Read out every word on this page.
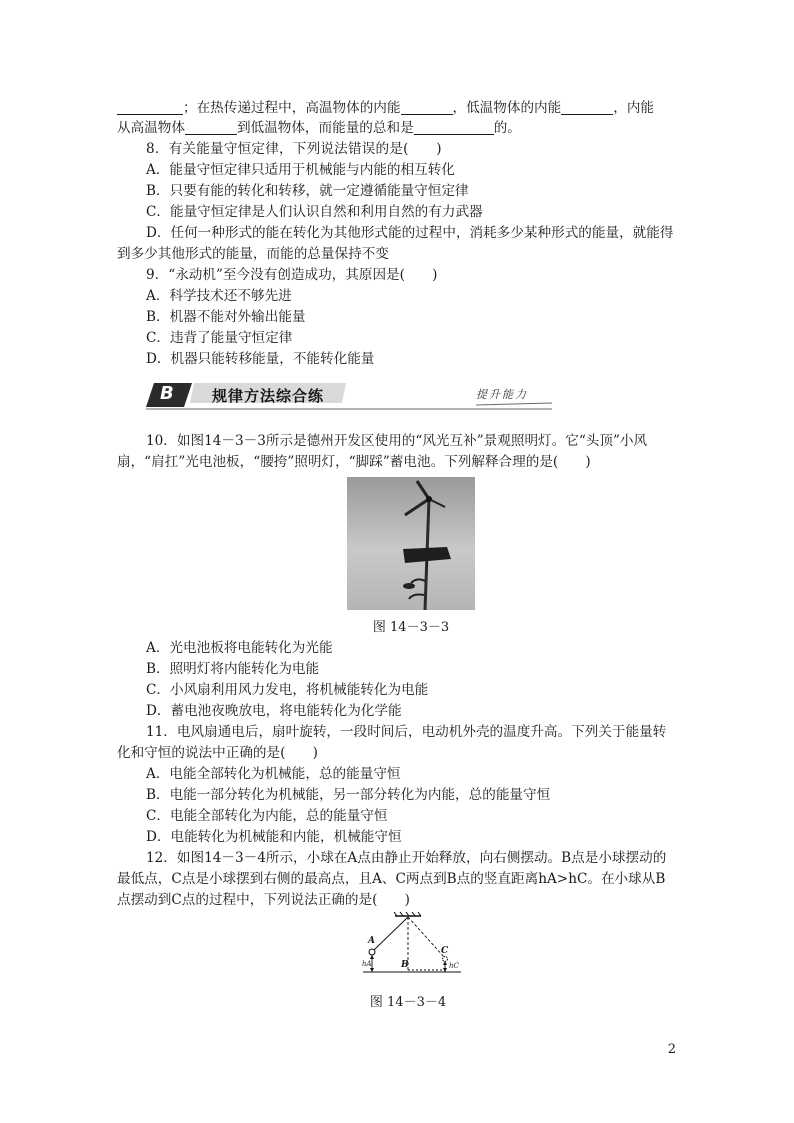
；在热传递过程中，高温物体的内能	，低温物体的内能	，内能
从高温物体	到低温物体，而能量的总和是	的。
8．有关能量守恒定律，下列说法错误的是(　　)
A．能量守恒定律只适用于机械能与内能的相互转化
B．只要有能的转化和转移，就一定遵循能量守恒定律
C．能量守恒定律是人们认识自然和利用自然的有力武器
D．任何一种形式的能在转化为其他形式能的过程中，消耗多少某种形式的能量，就能得
到多少其他形式的能量，而能的总量保持不变
9．“永动机”至今没有创造成功，其原因是(　　)
A．科学技术还不够先进
B．机器不能对外输出能量
C．违背了能量守恒定律
D．机器只能转移能量，不能转化能量
B	规律方法综合练	提升能力
10．如图14－3－3所示是德州开发区使用的“风光互补”景观照明灯。它“头顶”小风
扇，“肩扛”光电池板，“腰挎”照明灯，“脚踩”蓄电池。下列解释合理的是(　　)
图 14－3－3
A．光电池板将电能转化为光能
B．照明灯将内能转化为电能
C．小风扇利用风力发电，将机械能转化为电能
D．蓄电池夜晚放电，将电能转化为化学能
11．电风扇通电后，扇叶旋转，一段时间后，电动机外壳的温度升高。下列关于能量转
化和守恒的说法中正确的是(　　)
A．电能全部转化为机械能，总的能量守恒
B．电能一部分转化为机械能，另一部分转化为内能，总的能量守恒
C．电能全部转化为内能，总的能量守恒
D．电能转化为机械能和内能，机械能守恒
12．如图14－3－4所示，小球在A点由静止开始释放，向右侧摆动。B点是小球摆动的
最低点，C点是小球摆到右侧的最高点，且A、C两点到B点的竖直距离hA>hC。在小球从B
点摆动到C点的过程中，下列说法正确的是(　　)
A
B
C
hA	hC
图 14－3－4
2
